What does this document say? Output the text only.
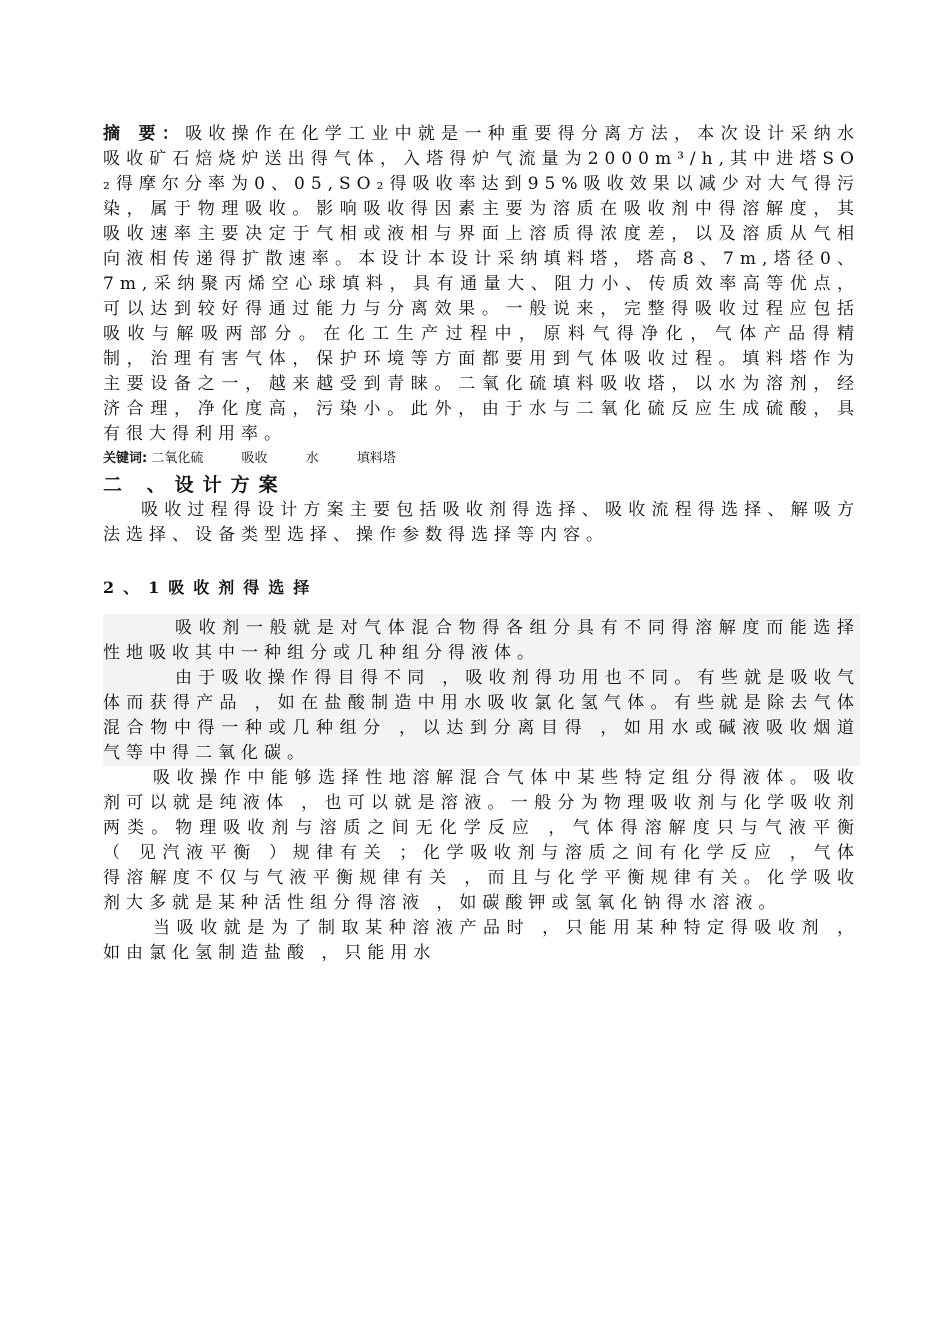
摘 要：吸收操作在化学工业中就是一种重要得分离方法，本次设计采纳水吸收矿石焙烧炉送出得气体，入塔得炉气流量为2000m³/h,其中进塔SO₂得摩尔分率为0、05,SO₂得吸收率达到95%吸收效果以减少对大气得污染，属于物理吸收。影响吸收得因素主要为溶质在吸收剂中得溶解度，其吸收速率主要决定于气相或液相与界面上溶质得浓度差，以及溶质从气相向液相传递得扩散速率。本设计本设计采纳填料塔，塔高8、7m,塔径0、7m,采纳聚丙烯空心球填料，具有通量大、阻力小、传质效率高等优点，可以达到较好得通过能力与分离效果。一般说来，完整得吸收过程应包括吸收与解吸两部分。在化工生产过程中，原料气得净化，气体产品得精制，治理有害气体，保护环境等方面都要用到气体吸收过程。填料塔作为主要设备之一，越来越受到青睐。二氧化硫填料吸收塔，以水为溶剂，经济合理，净化度高，污染小。此外，由于水与二氧化硫反应生成硫酸，具有很大得利用率。

关键词: 二氧化硫	吸收	水	填料塔
二 、设计方案

吸收过程得设计方案主要包括吸收剂得选择、吸收流程得选择、解吸方法选择、设备类型选择、操作参数得选择等内容。

2、1吸收剂得选择

吸收剂一般就是对气体混合物得各组分具有不同得溶解度而能选择性地吸收其中一种组分或几种组分得液体。

由于吸收操作得目得不同 ，吸收剂得功用也不同。有些就是吸收气体而获得产品 ，如在盐酸制造中用水吸收氯化氢气体。有些就是除去气体混合物中得一种或几种组分 ，以达到分离目得 ，如用水或碱液吸收烟道气等中得二氧化碳。

吸收操作中能够选择性地溶解混合气体中某些特定组分得液体。吸收剂可以就是纯液体 ，也可以就是溶液。一般分为物理吸收剂与化学吸收剂两类。物理吸收剂与溶质之间无化学反应 ，气体得溶解度只与气液平衡 （ 见汽液平衡 ）规律有关 ；化学吸收剂与溶质之间有化学反应 ，气体得溶解度不仅与气液平衡规律有关 ，而且与化学平衡规律有关。化学吸收剂大多就是某种活性组分得溶液 ，如碳酸钾或氢氧化钠得水溶液。

当吸收就是为了制取某种溶液产品时 ，只能用某种特定得吸收剂 ，如由氯化氢制造盐酸 ，只能用水
